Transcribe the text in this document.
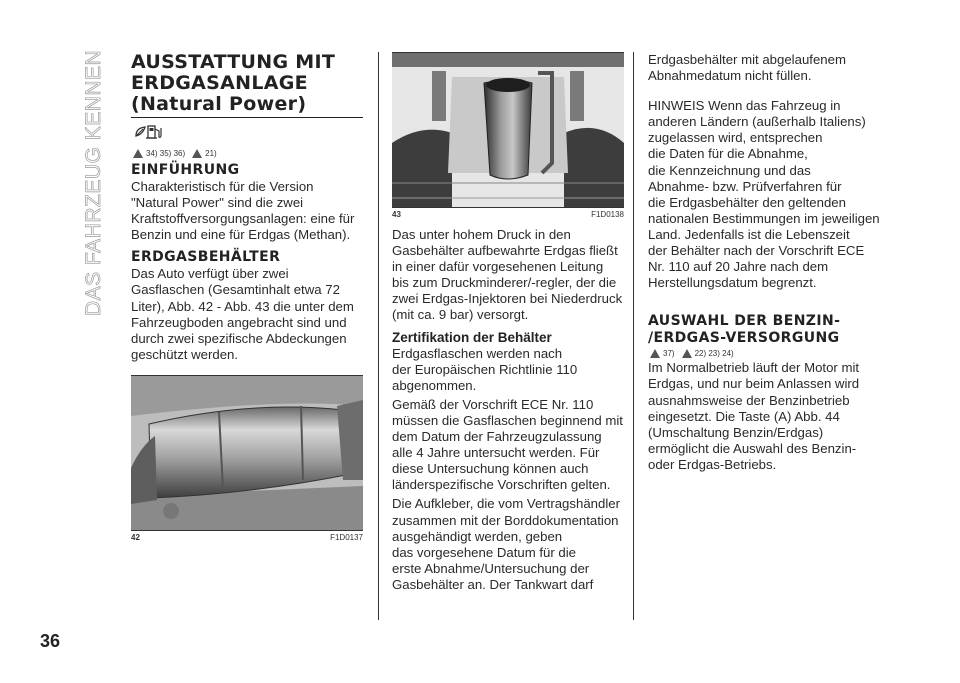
DAS FAHRZEUG KENNEN
36
AUSSTATTUNG MIT
ERDGASANLAGE
(Natural Power)
34) 35) 36)	21)
EINFÜHRUNG

Charakteristisch für die Version
"Natural Power" sind die zwei
Kraftstoffversorgungsanlagen: eine für
Benzin und eine für Erdgas (Methan).

ERDGASBEHÄLTER

Das Auto verfügt über zwei
Gasflaschen (Gesamtinhalt etwa 72
Liter), Abb. 42 - Abb. 43 die unter dem
Fahrzeugboden angebracht sind und
durch zwei spezifische Abdeckungen
geschützt werden.

42	F1D0137
43	F1D0138

Das unter hohem Druck in den
Gasbehälter aufbewahrte Erdgas fließt
in einer dafür vorgesehenen Leitung
bis zum Druckminderer/-regler, der die
zwei Erdgas-Injektoren bei Niederdruck
(mit ca. 9 bar) versorgt.

Zertifikation der Behälter

Erdgasflaschen werden nach
der Europäischen Richtlinie 110
abgenommen.

Gemäß der Vorschrift ECE Nr. 110
müssen die Gasflaschen beginnend mit
dem Datum der Fahrzeugzulassung
alle 4 Jahre untersucht werden. Für
diese Untersuchung können auch
länderspezifische Vorschriften gelten.

Die Aufkleber, die vom Vertragshändler
zusammen mit der Borddokumentation
ausgehändigt werden, geben
das vorgesehene Datum für die
erste Abnahme/Untersuchung der
Gasbehälter an. Der Tankwart darf

Erdgasbehälter mit abgelaufenem
Abnahmedatum nicht füllen.

HINWEIS Wenn das Fahrzeug in
anderen Ländern (außerhalb Italiens)
zugelassen wird, entsprechen
die Daten für die Abnahme,
die Kennzeichnung und das
Abnahme- bzw. Prüfverfahren für
die Erdgasbehälter den geltenden
nationalen Bestimmungen im jeweiligen
Land. Jedenfalls ist die Lebenszeit
der Behälter nach der Vorschrift ECE
Nr. 110 auf 20 Jahre nach dem
Herstellungsdatum begrenzt.

AUSWAHL DER BENZIN-
/ERDGAS-VERSORGUNG
37)	22) 23) 24)

Im Normalbetrieb läuft der Motor mit
Erdgas, und nur beim Anlassen wird
ausnahmsweise der Benzinbetrieb
eingesetzt. Die Taste (A) Abb. 44
(Umschaltung Benzin/Erdgas)
ermöglicht die Auswahl des Benzin-
oder Erdgas-Betriebs.
